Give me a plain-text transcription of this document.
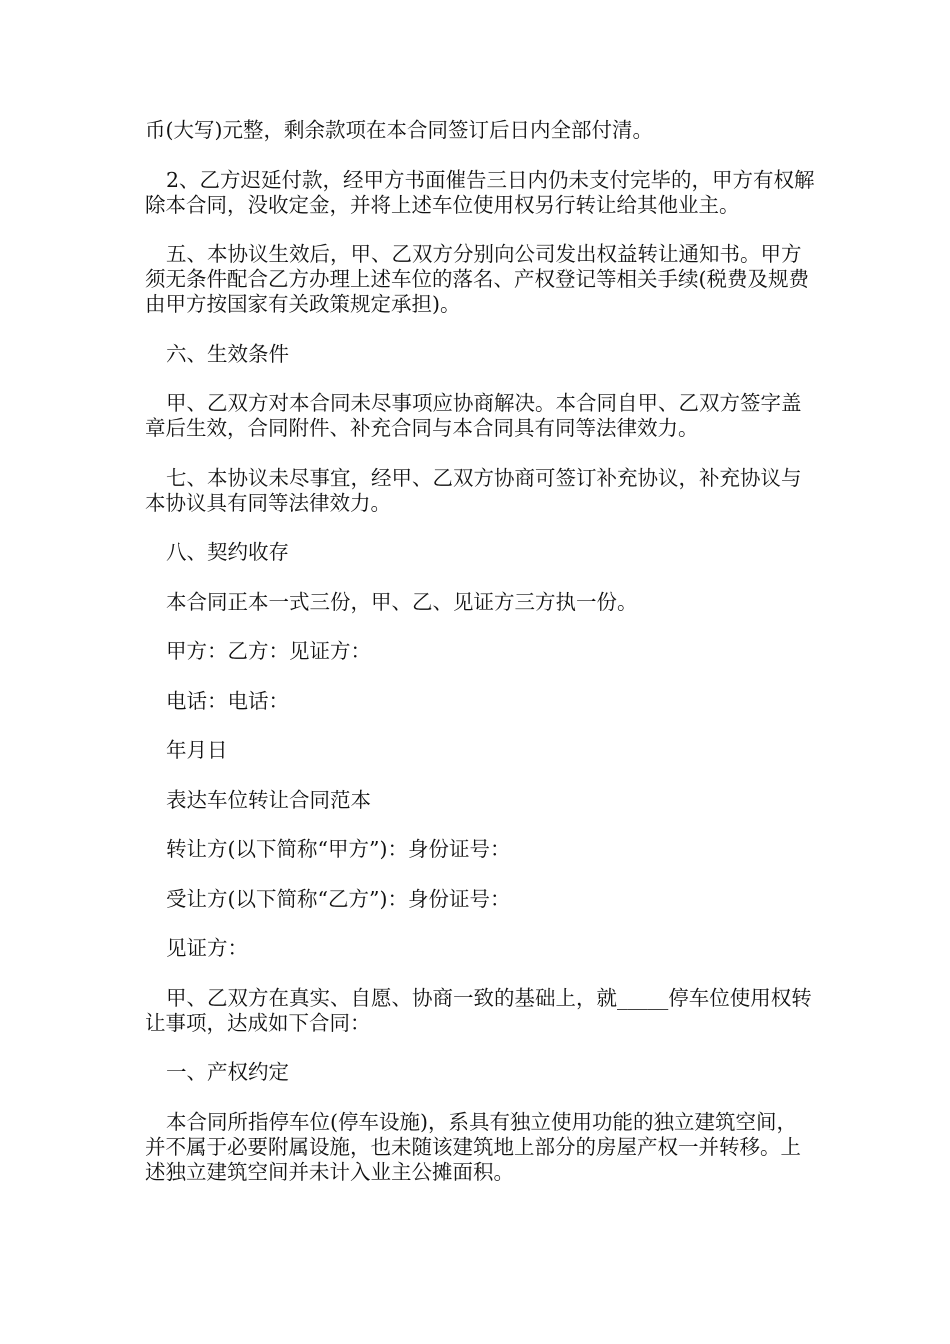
币(大写)元整，剩余款项在本合同签订后日内全部付清。

2、乙方迟延付款，经甲方书面催告三日内仍未支付完毕的，甲方有权解除本合同，没收定金，并将上述车位使用权另行转让给其他业主。

五、本协议生效后，甲、乙双方分别向公司发出权益转让通知书。甲方须无条件配合乙方办理上述车位的落名、产权登记等相关手续(税费及规费由甲方按国家有关政策规定承担)。

六、生效条件

甲、乙双方对本合同未尽事项应协商解决。本合同自甲、乙双方签字盖章后生效，合同附件、补充合同与本合同具有同等法律效力。

七、本协议未尽事宜，经甲、乙双方协商可签订补充协议，补充协议与本协议具有同等法律效力。

八、契约收存

本合同正本一式三份，甲、乙、见证方三方执一份。

甲方：乙方：见证方：

电话：电话：

年月日

表达车位转让合同范本

转让方(以下简称“甲方”)：身份证号：

受让方(以下简称“乙方”)：身份证号：

见证方：

甲、乙双方在真实、自愿、协商一致的基础上，就_____停车位使用权转让事项，达成如下合同：

一、产权约定

本合同所指停车位(停车设施)，系具有独立使用功能的独立建筑空间，并不属于必要附属设施，也未随该建筑地上部分的房屋产权一并转移。上述独立建筑空间并未计入业主公摊面积。
